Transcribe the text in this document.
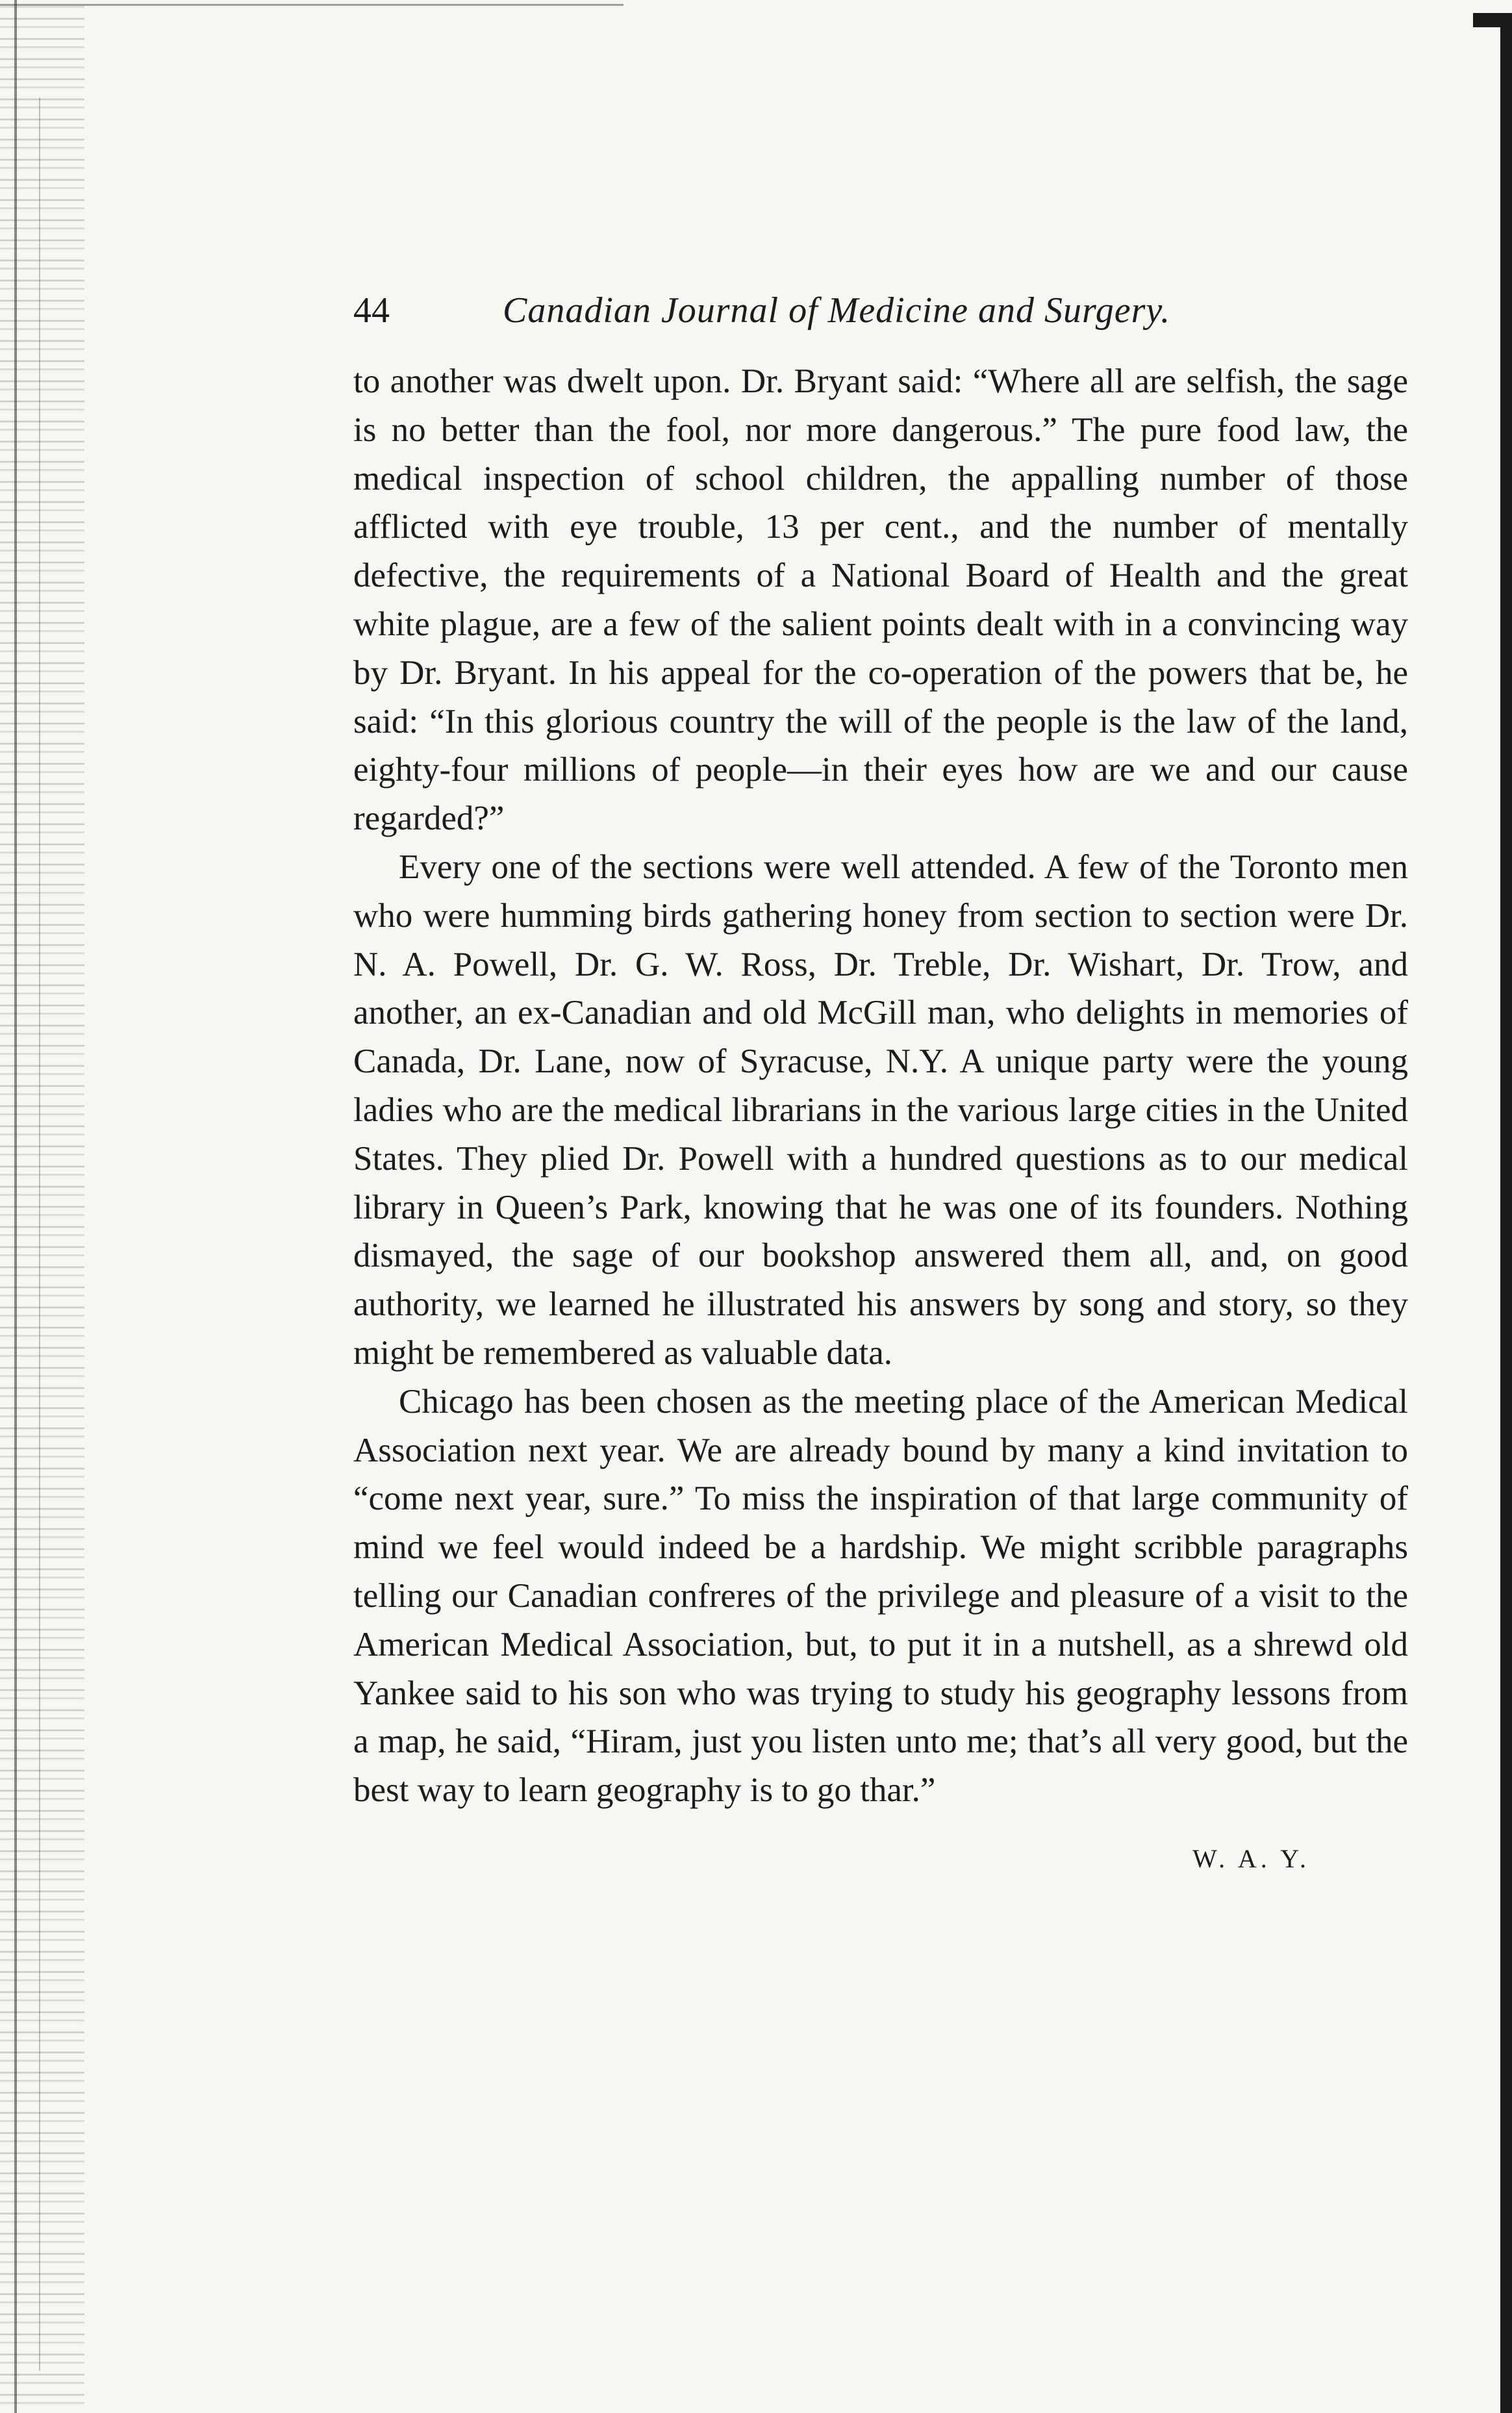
44	Canadian Journal of Medicine and Surgery.

to another was dwelt upon. Dr. Bryant said: “Where all are selfish, the sage is no better than the fool, nor more dangerous.” The pure food law, the medical inspection of school children, the appalling number of those afflicted with eye trouble, 13 per cent., and the number of mentally defective, the requirements of a National Board of Health and the great white plague, are a few of the salient points dealt with in a convincing way by Dr. Bryant. In his appeal for the co-operation of the powers that be, he said: “In this glorious country the will of the people is the law of the land, eighty-four millions of people—in their eyes how are we and our cause regarded?”

Every one of the sections were well attended. A few of the Toronto men who were humming birds gathering honey from section to section were Dr. N. A. Powell, Dr. G. W. Ross, Dr. Treble, Dr. Wishart, Dr. Trow, and another, an ex-Canadian and old McGill man, who delights in memories of Canada, Dr. Lane, now of Syracuse, N.Y. A unique party were the young ladies who are the medical librarians in the various large cities in the United States. They plied Dr. Powell with a hundred questions as to our medical library in Queen’s Park, knowing that he was one of its founders. Nothing dismayed, the sage of our bookshop answered them all, and, on good authority, we learned he illustrated his answers by song and story, so they might be remembered as valuable data.

Chicago has been chosen as the meeting place of the American Medical Association next year. We are already bound by many a kind invitation to “come next year, sure.” To miss the inspiration of that large community of mind we feel would indeed be a hardship. We might scribble paragraphs telling our Canadian confreres of the privilege and pleasure of a visit to the American Medical Association, but, to put it in a nutshell, as a shrewd old Yankee said to his son who was trying to study his geography lessons from a map, he said, “Hiram, just you listen unto me; that’s all very good, but the best way to learn geography is to go thar.”

W. A. Y.
